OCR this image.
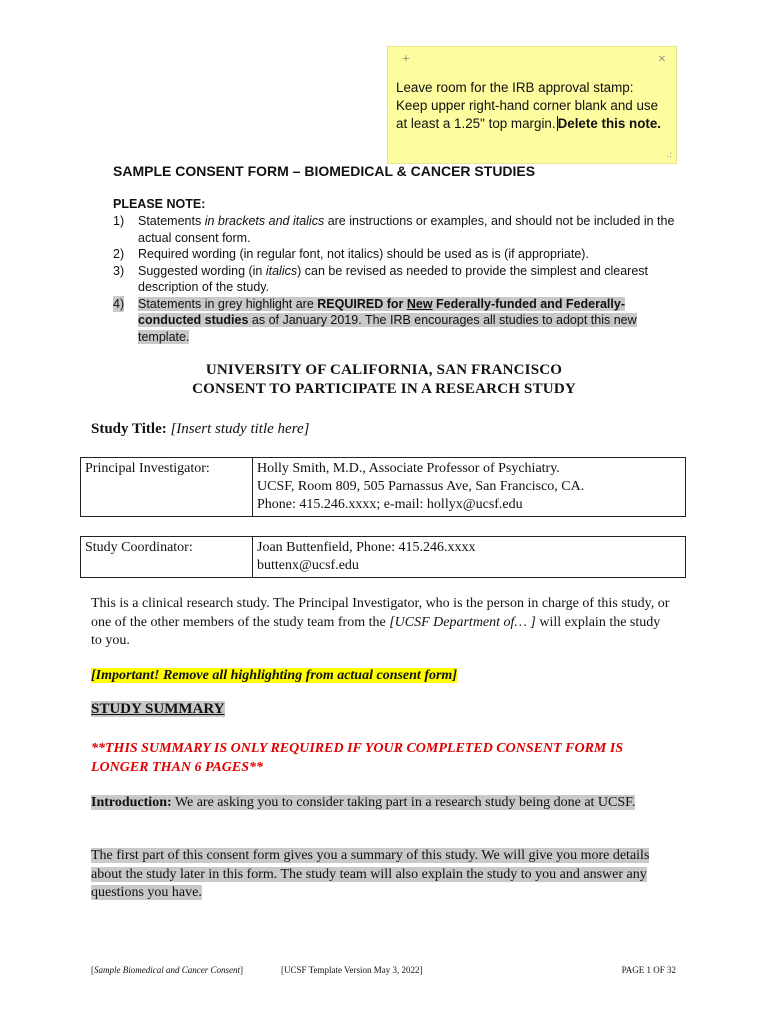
+	×
Leave room for the IRB approval stamp:
Keep upper right-hand corner blank and use
at least a 1.25" top margin. Delete this note.
.:
SAMPLE CONSENT FORM – BIOMEDICAL & CANCER STUDIES
PLEASE NOTE:
1) Statements in brackets and italics are instructions or examples, and should not be included in the actual consent form.
2) Required wording (in regular font, not italics) should be used as is (if appropriate).
3) Suggested wording (in italics) can be revised as needed to provide the simplest and clearest description of the study.
4) Statements in grey highlight are REQUIRED for New Federally-funded and Federally-conducted studies as of January 2019. The IRB encourages all studies to adopt this new template.
UNIVERSITY OF CALIFORNIA, SAN FRANCISCO
CONSENT TO PARTICIPATE IN A RESEARCH STUDY
Study Title: [Insert study title here]
Principal Investigator:	Holly Smith, M.D., Associate Professor of Psychiatry.
UCSF, Room 809, 505 Parnassus Ave, San Francisco, CA.
Phone: 415.246.xxxx; e-mail: hollyx@ucsf.edu
Study Coordinator:	Joan Buttenfield, Phone: 415.246.xxxx
buttenx@ucsf.edu
This is a clinical research study. The Principal Investigator, who is the person in charge of this study, or one of the other members of the study team from the [UCSF Department of… ] will explain the study to you.
[Important! Remove all highlighting from actual consent form]
STUDY SUMMARY
**THIS SUMMARY IS ONLY REQUIRED IF YOUR COMPLETED CONSENT FORM IS LONGER THAN 6 PAGES**
Introduction: We are asking you to consider taking part in a research study being done at UCSF.
The first part of this consent form gives you a summary of this study. We will give you more details about the study later in this form. The study team will also explain the study to you and answer any questions you have.
[Sample Biomedical and Cancer Consent]	[UCSF Template Version May 3, 2022]	PAGE 1 OF 32
